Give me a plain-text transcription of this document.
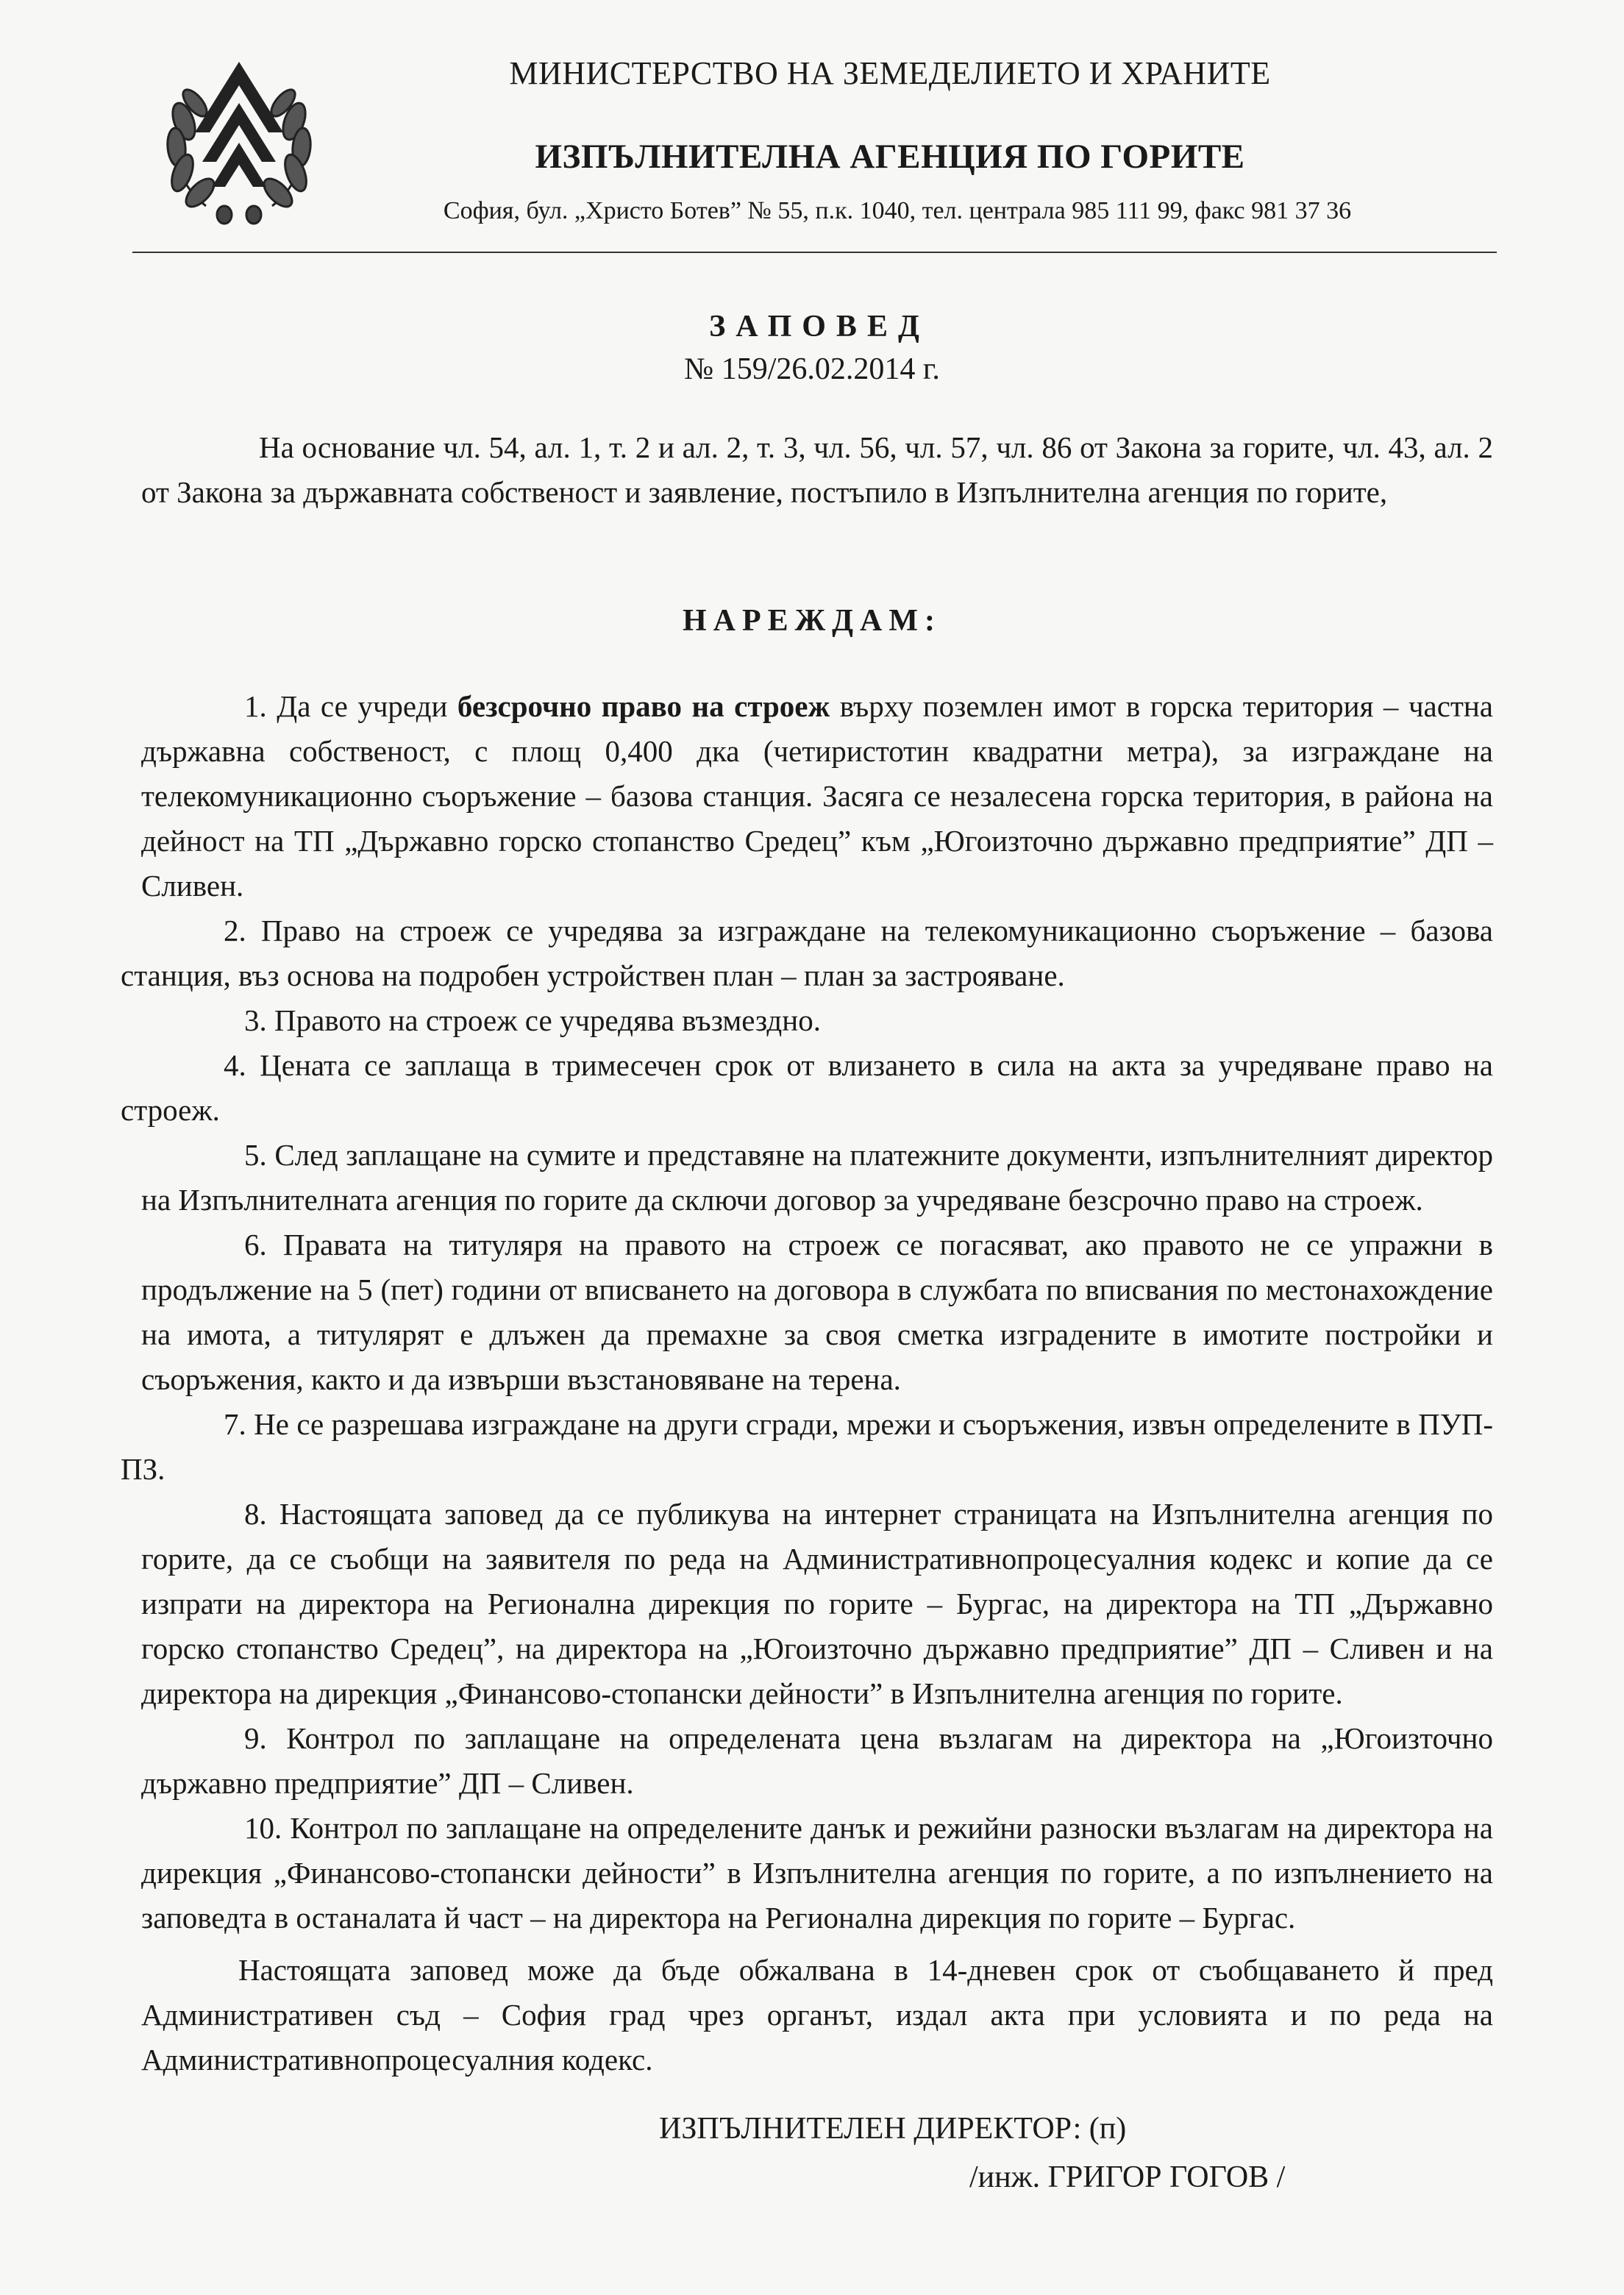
МИНИСТЕРСТВО НА ЗЕМЕДЕЛИЕТО И ХРАНИТЕ
ИЗПЪЛНИТЕЛНА АГЕНЦИЯ ПО ГОРИТЕ
София, бул. „Христо Ботев” № 55, п.к. 1040, тел. централа 985 111 99, факс 981 37 36
ЗАПОВЕД
№ 159/26.02.2014 г.
На основание чл. 54, ал. 1, т. 2 и ал. 2, т. 3, чл. 56, чл. 57, чл. 86 от Закона за горите, чл. 43, ал. 2 от Закона за държавната собственост и заявление, постъпило в Изпълнителна агенция по горите,
НАРЕЖДАМ:

1. Да се учреди безсрочно право на строеж върху поземлен имот в горска територия – частна държавна собственост, с площ 0,400 дка (четиристотин квадратни метра), за изграждане на телекомуникационно съоръжение – базова станция. Засяга се незалесена горска територия, в района на дейност на ТП „Държавно горско стопанство Средец” към „Югоизточно държавно предприятие” ДП – Сливен.

2. Право на строеж се учредява за изграждане на телекомуникационно съоръжение – базова станция, въз основа на подробен устройствен план – план за застрояване.

3. Правото на строеж се учредява възмездно.

4. Цената се заплаща в тримесечен срок от влизането в сила на акта за учредяване право на строеж.

5. След заплащане на сумите и представяне на платежните документи, изпълнителният директор на Изпълнителната агенция по горите да сключи договор за учредяване безсрочно право на строеж.

6. Правата на титуляря на правото на строеж се погасяват, ако правото не се упражни в продължение на 5 (пет) години от вписването на договора в службата по вписвания по местонахождение на имота, а титулярят е длъжен да премахне за своя сметка изградените в имотите постройки и съоръжения, както и да извърши възстановяване на терена.

7. Не се разрешава изграждане на други сгради, мрежи и съоръжения, извън определените в ПУП-ПЗ.

8. Настоящата заповед да се публикува на интернет страницата на Изпълнителна агенция по горите, да се съобщи на заявителя по реда на Административнопроцесуалния кодекс и копие да се изпрати на директора на Регионална дирекция по горите – Бургас, на директора на ТП „Държавно горско стопанство Средец”, на директора на „Югоизточно държавно предприятие” ДП – Сливен и на директора на дирекция „Финансово-стопански дейности” в Изпълнителна агенция по горите.

9. Контрол по заплащане на определената цена възлагам на директора на „Югоизточно държавно предприятие” ДП – Сливен.

10. Контрол по заплащане на определените данък и режийни разноски възлагам на директора на дирекция „Финансово-стопански дейности” в Изпълнителна агенция по горите, а по изпълнението на заповедта в останалата й част – на директора на Регионална дирекция по горите – Бургас.

Настоящата заповед може да бъде обжалвана в 14-дневен срок от съобщаването й пред Административен съд – София град чрез органът, издал акта при условията и по реда на Административнопроцесуалния кодекс.

ИЗПЪЛНИТЕЛЕН ДИРЕКТОР: (п)
/инж. ГРИГОР ГОГОВ /
